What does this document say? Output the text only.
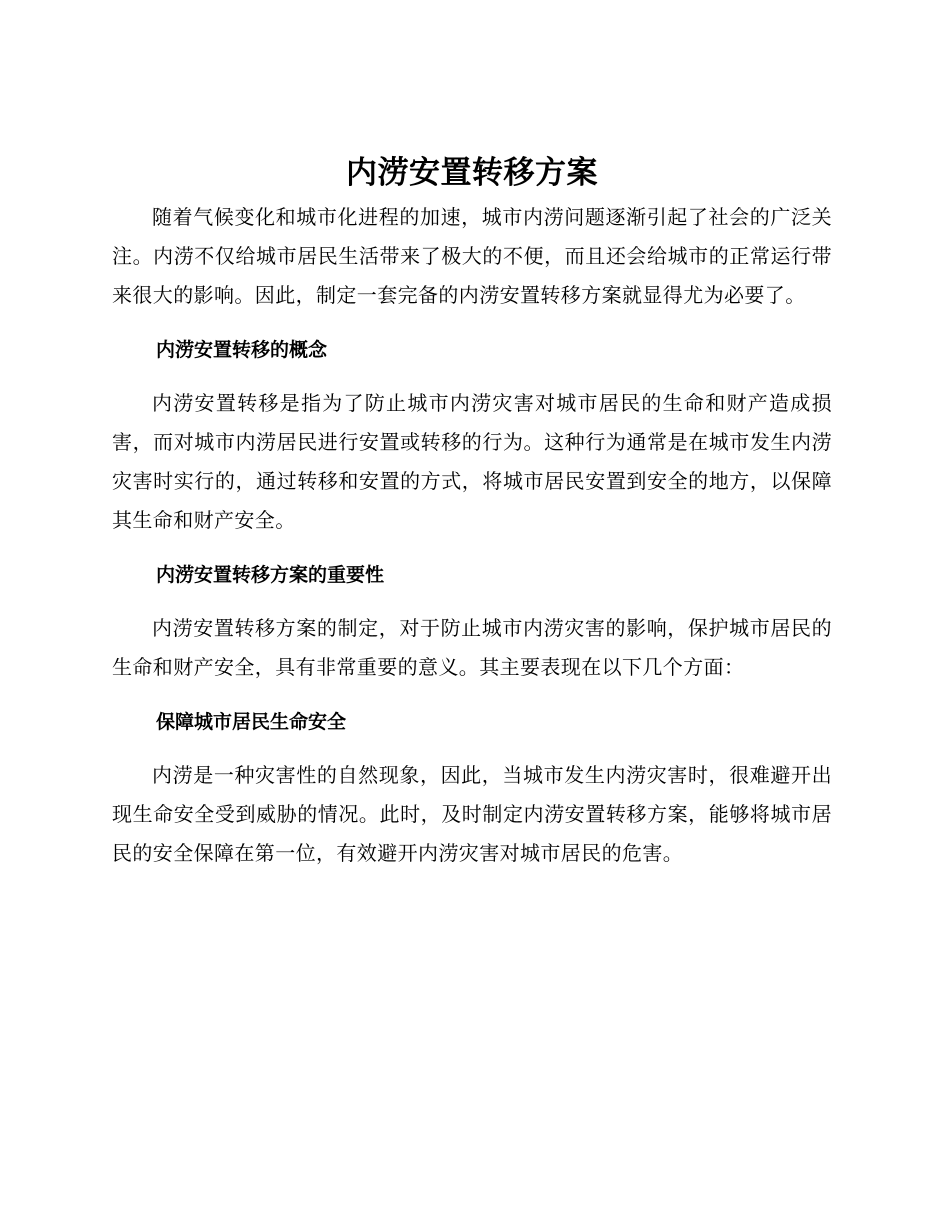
内涝安置转移方案

随着气候变化和城市化进程的加速，城市内涝问题逐渐引起了社会的广泛关注。内涝不仅给城市居民生活带来了极大的不便，而且还会给城市的正常运行带来很大的影响。因此，制定一套完备的内涝安置转移方案就显得尤为必要了。

内涝安置转移的概念

内涝安置转移是指为了防止城市内涝灾害对城市居民的生命和财产造成损害，而对城市内涝居民进行安置或转移的行为。这种行为通常是在城市发生内涝灾害时实行的，通过转移和安置的方式，将城市居民安置到安全的地方，以保障其生命和财产安全。

内涝安置转移方案的重要性

内涝安置转移方案的制定，对于防止城市内涝灾害的影响，保护城市居民的生命和财产安全，具有非常重要的意义。其主要表现在以下几个方面：

保障城市居民生命安全

内涝是一种灾害性的自然现象，因此，当城市发生内涝灾害时，很难避开出现生命安全受到威胁的情况。此时，及时制定内涝安置转移方案，能够将城市居民的安全保障在第一位，有效避开内涝灾害对城市居民的危害。
